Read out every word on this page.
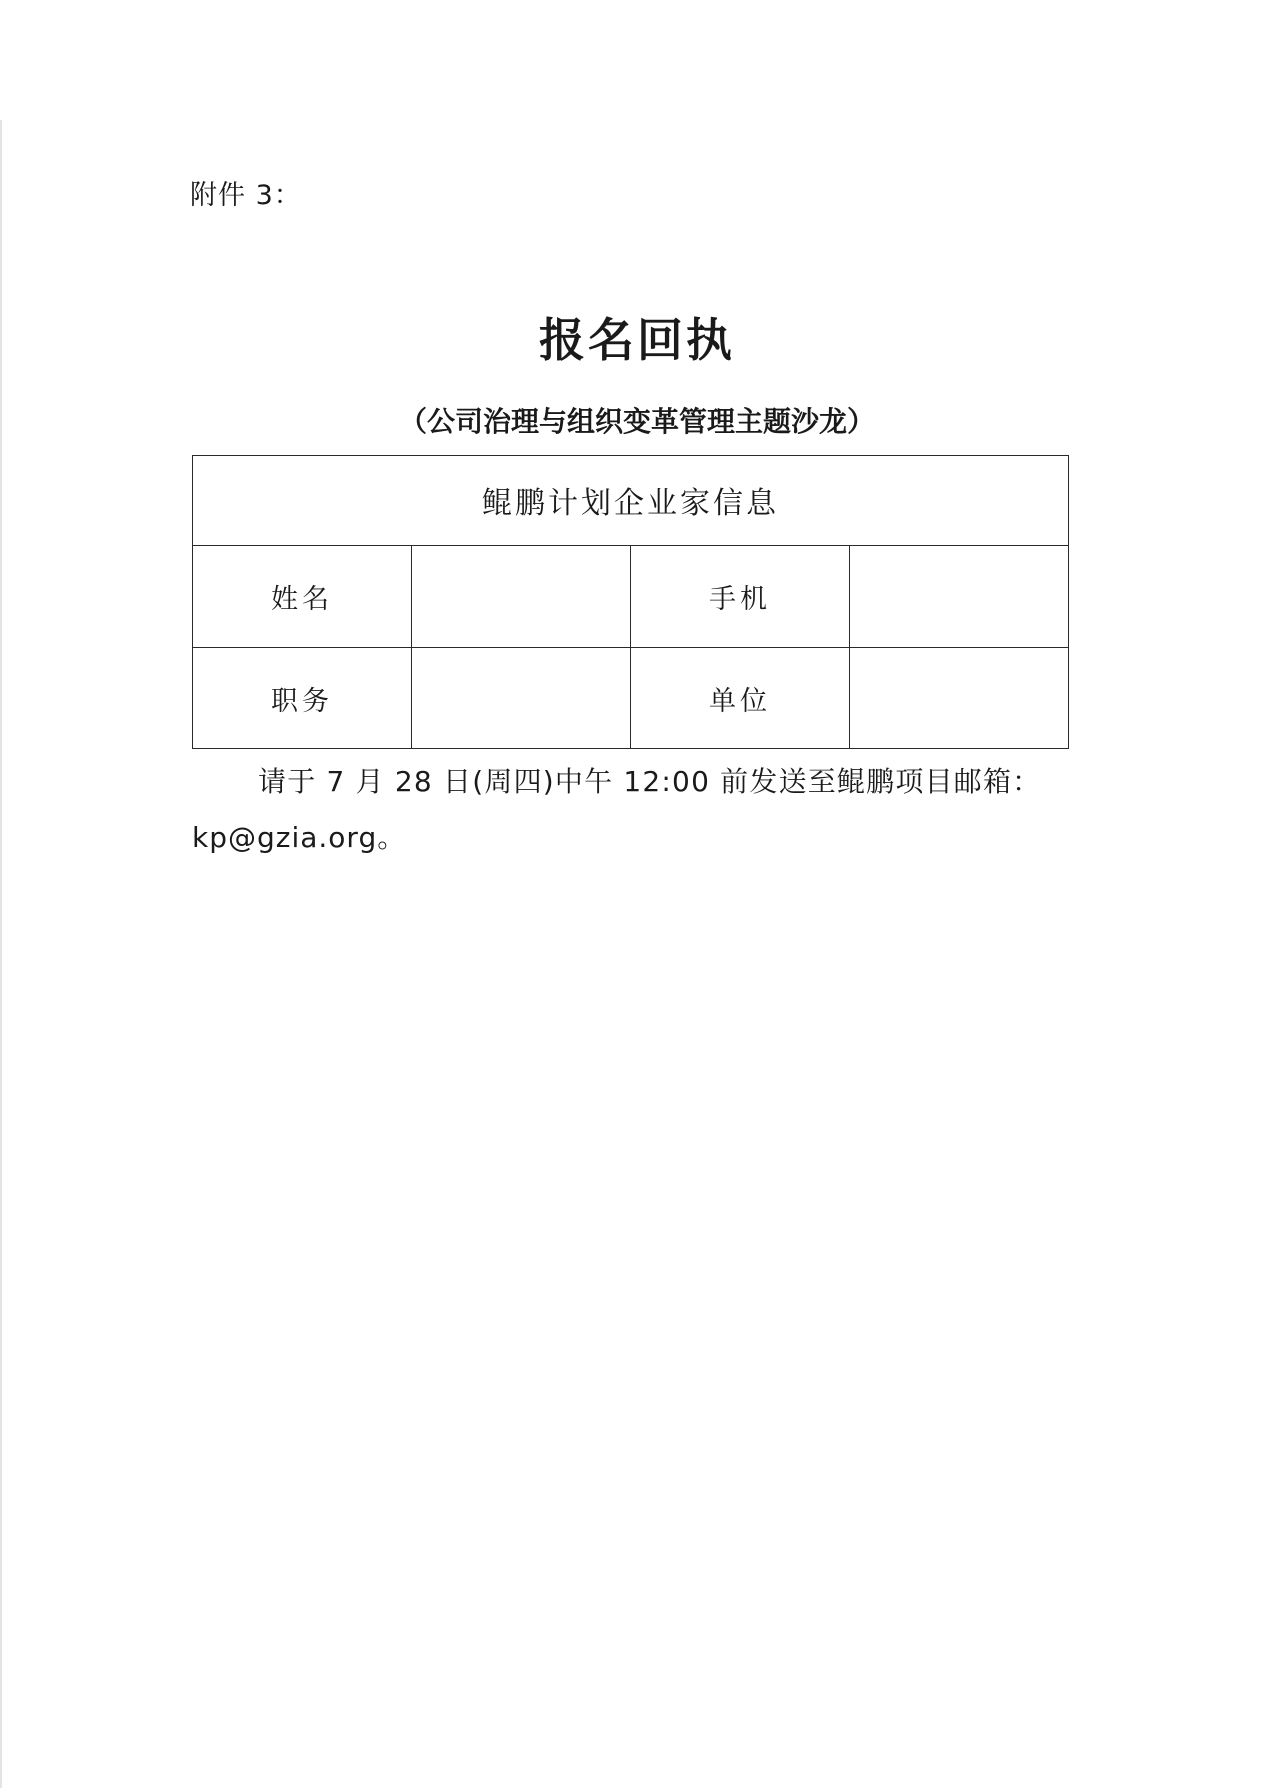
附件 3：
报名回执
（公司治理与组织变革管理主题沙龙）
鲲鹏计划企业家信息			
姓名		手机	
职务		单位	
请于 7 月 28 日(周四)中午 12:00 前发送至鲲鹏项目邮箱：
kp@gzia.org。
